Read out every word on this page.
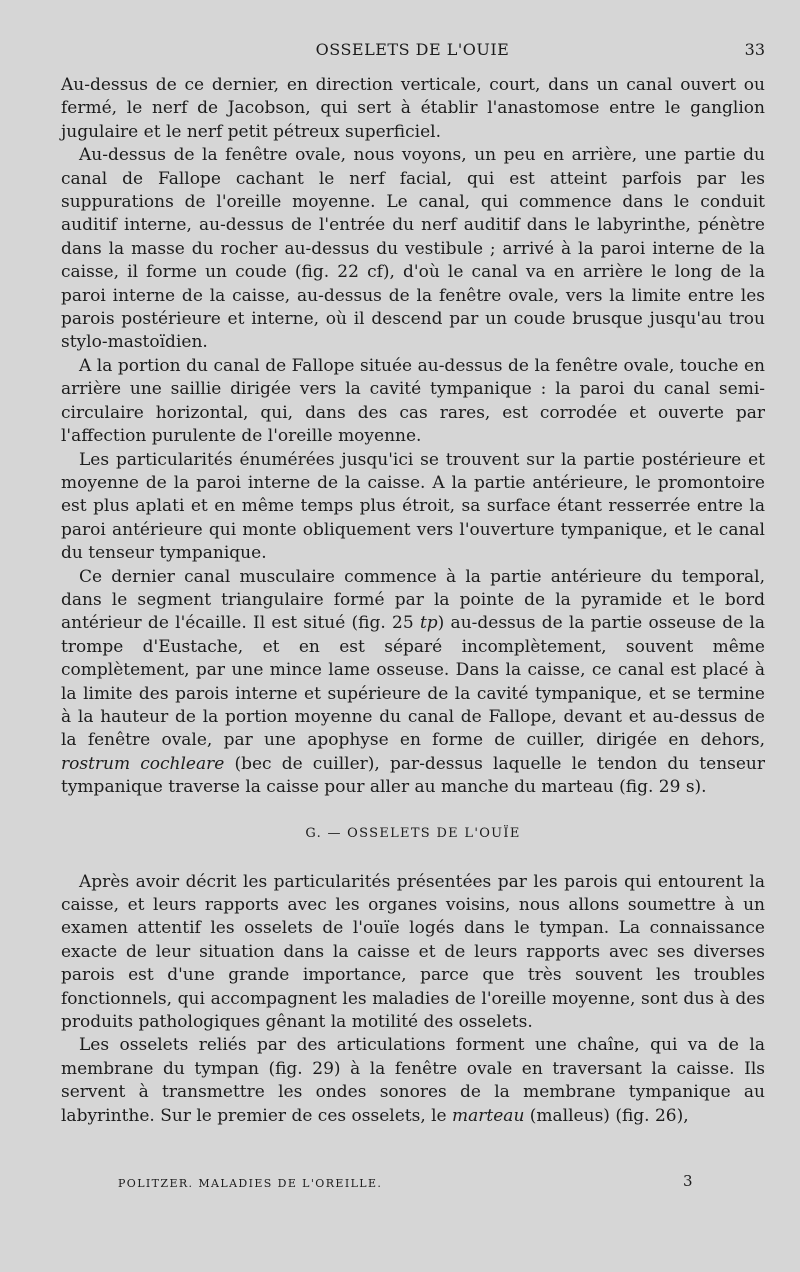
OSSELETS DE L'OUIE	33

Au-dessus de ce dernier, en direction verticale, court, dans un canal ouvert ou fermé, le nerf de Jacobson, qui sert à établir l'anastomose entre le ganglion jugulaire et le nerf petit pétreux superficiel.

Au-dessus de la fenêtre ovale, nous voyons, un peu en arrière, une partie du canal de Fallope cachant le nerf facial, qui est atteint parfois par les suppurations de l'oreille moyenne. Le canal, qui commence dans le conduit auditif interne, au-dessus de l'entrée du nerf auditif dans le labyrinthe, pénètre dans la masse du rocher au-dessus du vestibule ; arrivé à la paroi interne de la caisse, il forme un coude (fig. 22 cf), d'où le canal va en arrière le long de la paroi interne de la caisse, au-dessus de la fenêtre ovale, vers la limite entre les parois postérieure et interne, où il descend par un coude brusque jusqu'au trou stylo-mastoïdien.

A la portion du canal de Fallope située au-dessus de la fenêtre ovale, touche en arrière une saillie dirigée vers la cavité tympanique : la paroi du canal semi-circulaire horizontal, qui, dans des cas rares, est corrodée et ouverte par l'affection purulente de l'oreille moyenne.

Les particularités énumérées jusqu'ici se trouvent sur la partie postérieure et moyenne de la paroi interne de la caisse. A la partie antérieure, le promontoire est plus aplati et en même temps plus étroit, sa surface étant resserrée entre la paroi antérieure qui monte obliquement vers l'ouverture tympanique, et le canal du tenseur tympanique.

Ce dernier canal musculaire commence à la partie antérieure du temporal, dans le segment triangulaire formé par la pointe de la pyramide et le bord antérieur de l'écaille. Il est situé (fig. 25 tp) au-dessus de la partie osseuse de la trompe d'Eustache, et en est séparé incomplètement, souvent même complètement, par une mince lame osseuse. Dans la caisse, ce canal est placé à la limite des parois interne et supérieure de la cavité tympanique, et se termine à la hauteur de la portion moyenne du canal de Fallope, devant et au-dessus de la fenêtre ovale, par une apophyse en forme de cuiller, dirigée en dehors, rostrum cochleare (bec de cuiller), par-dessus laquelle le tendon du tenseur tympanique traverse la caisse pour aller au manche du marteau (fig. 29 s).

G. — OSSELETS DE L'OUÏE

Après avoir décrit les particularités présentées par les parois qui entourent la caisse, et leurs rapports avec les organes voisins, nous allons soumettre à un examen attentif les osselets de l'ouïe logés dans le tympan. La connaissance exacte de leur situation dans la caisse et de leurs rapports avec ses diverses parois est d'une grande importance, parce que très souvent les troubles fonctionnels, qui accompagnent les maladies de l'oreille moyenne, sont dus à des produits pathologiques gênant la motilité des osselets.

Les osselets reliés par des articulations forment une chaîne, qui va de la membrane du tympan (fig. 29) à la fenêtre ovale en traversant la caisse. Ils servent à transmettre les ondes sonores de la membrane tympanique au labyrinthe. Sur le premier de ces osselets, le marteau (malleus) (fig. 26),

POLITZER. MALADIES DE L'OREILLE.	3
